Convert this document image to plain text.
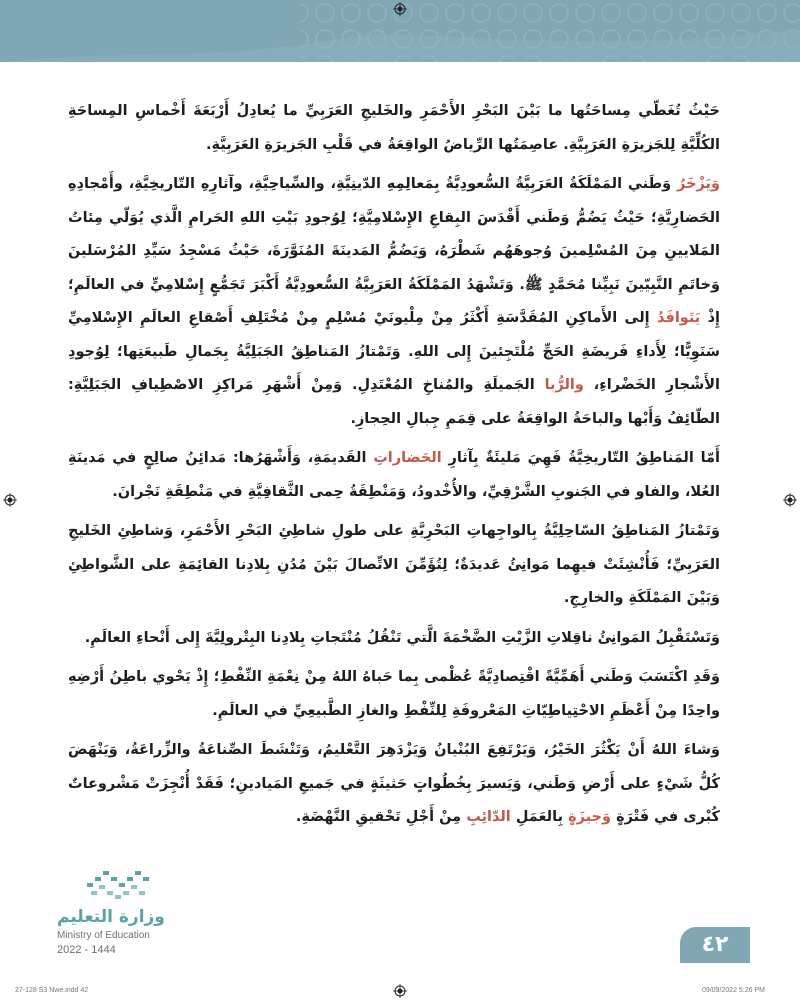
حَيْثُ تُغَطّي مِساحَتُها ما بَيْنَ البَحْرِ الأَحْمَرِ والخَليجِ العَرَبِيِّ ما يُعادِلُ أَرْبَعَةَ أَخْماسِ المِساحَةِ الكُلِّيَّةِ لِلجَزيرَةِ العَرَبِيَّةِ. عاصِمَتُها الرِّياضُ الواقِعَةُ في قَلْبِ الجَزيرَةِ العَرَبِيَّةِ.

وَيَزْخَرُ وَطَني المَمْلَكَةُ العَرَبِيَّةُ السُّعودِيَّةُ بِمَعالِمِهِ الدّينِيَّةِ، والسِّياحِيَّةِ، وآثارِهِ التّاريخِيَّةِ، وأَمْجادِهِ الحَضارِيَّةِ؛ حَيْثُ يَضُمُّ وَطَني أَقْدَسَ البِقاعِ الإِسْلامِيَّةِ؛ لِوُجودِ بَيْتِ اللهِ الحَرامِ الَّذي يُوَلّي مِئاتُ المَلايينِ مِنَ المُسْلِمينَ وُجوهَهُم شَطْرَهُ، وَيَضُمُّ المَدينَةَ المُنَوَّرَةَ، حَيْثُ مَسْجِدُ سَيِّدِ المُرْسَلينَ وَخاتَمِ النَّبِيّينَ نَبِيِّنا مُحَمَّدٍ ﷺ. وَتَشْهَدُ المَمْلَكَةُ العَرَبِيَّةُ السُّعودِيَّةُ أَكْبَرَ تَجَمُّعٍ إِسْلامِيٍّ في العالَمِ؛ إِذْ يَتَوافَدُ إِلى الأَماكِنِ المُقَدَّسَةِ أَكْثَرُ مِنْ مِلْيونَيْ مُسْلِمٍ مِنْ مُخْتَلِفِ أَصْقاعِ العالَمِ الإِسْلامِيِّ سَنَوِيًّا؛ لِأَداءِ فَريضَةِ الحَجِّ مُلْتَجِئينَ إِلى اللهِ. وَتَمْتازُ المَناطِقُ الجَبَلِيَّةُ بِجَمالِ طَبيعَتِها؛ لِوُجودِ الأَشْجارِ الخَضْراءِ، والرُّبا الجَميلَةِ والمُناخِ المُعْتَدِلِ. وَمِنْ أَشْهَرِ مَراكِزِ الاصْطِيافِ الجَبَلِيَّةِ: الطّائِفُ وَأَبْها والباحَةُ الواقِعَةُ على قِمَمِ جِبالِ الحِجازِ.

أَمّا المَناطِقُ التّاريخِيَّةُ فَهِيَ مَليئَةٌ بِآثارِ الحَضاراتِ القَديمَةِ، وَأَشْهَرُها: مَدائِنُ صالِحٍ في مَدينَةِ العُلا، والفاو في الجَنوبِ الشَّرْقِيِّ، والأُخْدودُ، وَمَنْطِقَةُ حِمى الثَّقافِيَّةِ في مَنْطِقَةِ نَجْرانَ.

وَتَمْتازُ المَناطِقُ السّاحِلِيَّةُ بِالواجِهاتِ البَحْرِيَّةِ على طولِ شاطِئِ البَحْرِ الأَحْمَرِ، وَشاطِئِ الخَليجِ العَرَبِيِّ؛ فَأُنْشِئَتْ فيهِما مَوانِئُ عَديدَةٌ؛ لِتُؤَمِّنَ الاتِّصالَ بَيْنَ مُدُنِ بِلادِنا القائِمَةِ على الشَّواطِئِ وَبَيْنَ المَمْلَكَةِ والخارِجِ.

وَتَسْتَقْبِلُ المَوانِئُ ناقِلاتِ الزَّيْتِ الضَّخْمَةَ الَّتي تَنْقُلُ مُنْتَجاتِ بِلادِنا البِتْرولِيَّةَ إِلى أَنْحاءِ العالَمِ.

وَقَدِ اكْتَسَبَ وَطَني أَهَمِّيَّةً اقْتِصادِيَّةً عُظْمى بِما حَباهُ اللهُ مِنْ نِعْمَةِ النِّفْطِ؛ إِذْ يَحْوي باطِنُ أَرْضِهِ واحِدًا مِنْ أَعْظَمِ الاحْتِياطِيّاتِ المَعْروفَةِ لِلنِّفْطِ والغازِ الطَّبيعِيِّ في العالَمِ.

وَشاءَ اللهُ أَنْ يَكْثُرَ الخَيْرُ، وَيَرْتَفِعَ البُنْيانُ وَيَزْدَهِرَ التَّعْليمُ، وَتَنْشَطَ الصِّناعَةُ والزِّراعَةُ، وَيَنْهَضَ كُلُّ شَيْءٍ على أَرْضِ وَطَني، وَيَسيرَ بِخُطُواتٍ حَثيثَةٍ في جَميعِ المَيادينِ؛ فَقَدْ أُنْجِزَتْ مَشْروعاتٌ كُبْرى في فَتْرَةٍ وَجيزَةٍ بِالعَمَلِ الدّائِبِ مِنْ أَجْلِ تَحْقيقِ النَّهْضَةِ.

وزارة التعليم
Ministry of Education
2022 - 1444	٤٢
27-128 S3 Nwe.indd 42	09/09/2022 5:26 PM
